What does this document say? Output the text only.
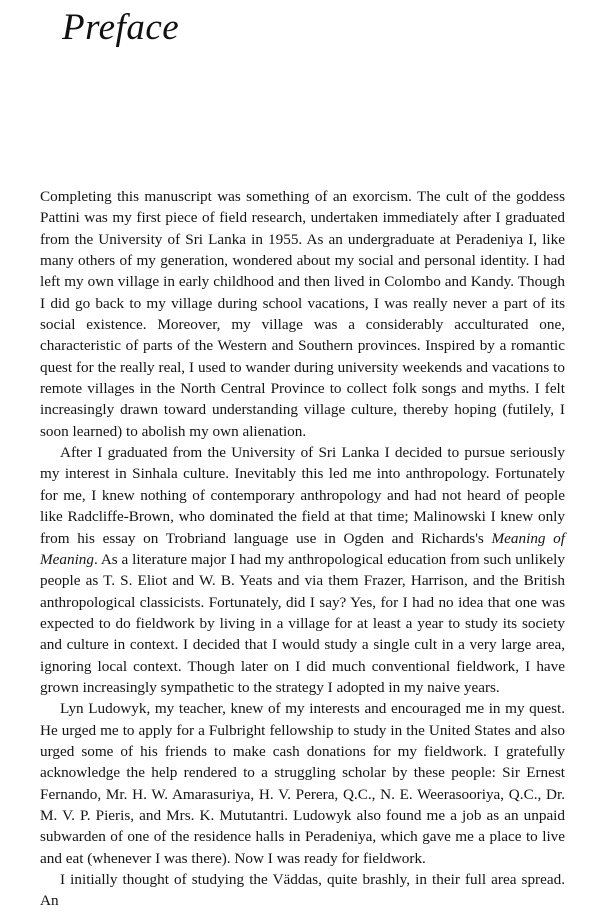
Preface

Completing this manuscript was something of an exorcism. The cult of the goddess Pattini was my first piece of field research, undertaken immediately after I graduated from the University of Sri Lanka in 1955. As an undergraduate at Peradeniya I, like many others of my generation, wondered about my social and personal identity. I had left my own village in early childhood and then lived in Colombo and Kandy. Though I did go back to my village during school vacations, I was really never a part of its social existence. Moreover, my village was a considerably acculturated one, characteristic of parts of the Western and Southern provinces. Inspired by a romantic quest for the really real, I used to wander during university weekends and vacations to remote villages in the North Central Province to collect folk songs and myths. I felt increasingly drawn toward understanding village culture, thereby hoping (futilely, I soon learned) to abolish my own alienation.

After I graduated from the University of Sri Lanka I decided to pursue seriously my interest in Sinhala culture. Inevitably this led me into anthropology. Fortunately for me, I knew nothing of contemporary anthropology and had not heard of people like Radcliffe-Brown, who dominated the field at that time; Malinowski I knew only from his essay on Trobriand language use in Ogden and Richards's Meaning of Meaning. As a literature major I had my anthropological education from such unlikely people as T. S. Eliot and W. B. Yeats and via them Frazer, Harrison, and the British anthropological classicists. Fortunately, did I say? Yes, for I had no idea that one was expected to do fieldwork by living in a village for at least a year to study its society and culture in context. I decided that I would study a single cult in a very large area, ignoring local context. Though later on I did much conventional fieldwork, I have grown increasingly sympathetic to the strategy I adopted in my naive years.

Lyn Ludowyk, my teacher, knew of my interests and encouraged me in my quest. He urged me to apply for a Fulbright fellowship to study in the United States and also urged some of his friends to make cash donations for my fieldwork. I gratefully acknowledge the help rendered to a struggling scholar by these people: Sir Ernest Fernando, Mr. H. W. Amarasuriya, H. V. Perera, Q.C., N. E. Weerasooriya, Q.C., Dr. M. V. P. Pieris, and Mrs. K. Mututantri. Ludowyk also found me a job as an unpaid subwarden of one of the residence halls in Peradeniya, which gave me a place to live and eat (whenever I was there). Now I was ready for fieldwork.

I initially thought of studying the Väddas, quite brashly, in their full area spread. An
